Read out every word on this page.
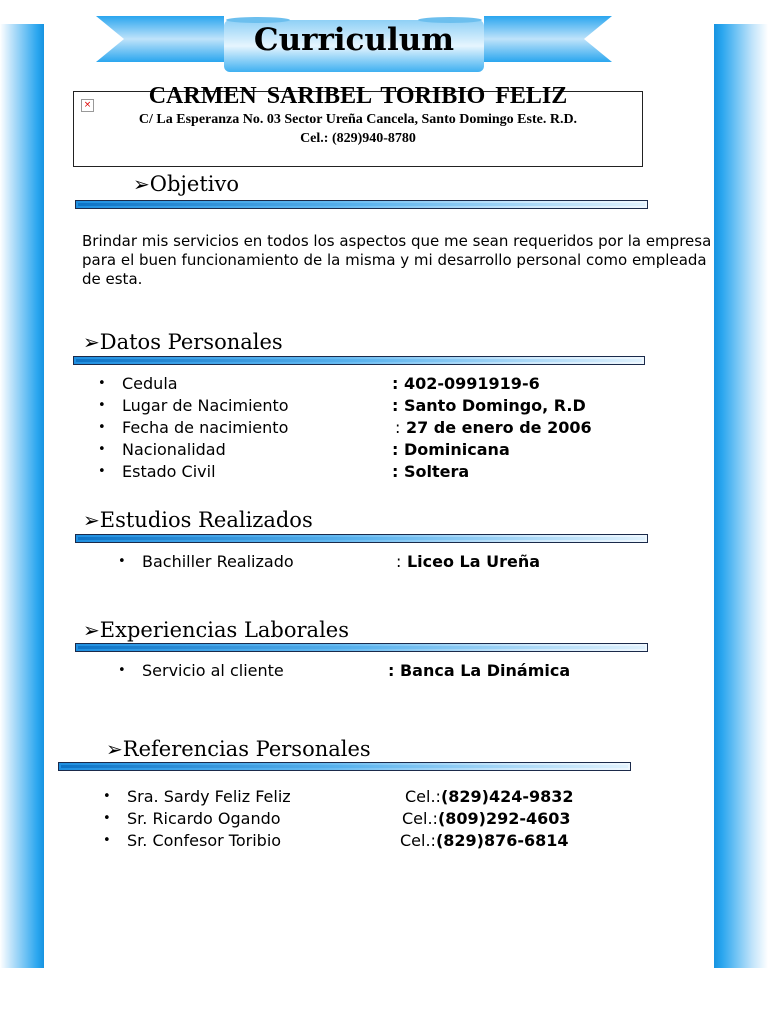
Curriculum
×	CARMEN SARIBEL TORIBIO FELIZ
C/ La Esperanza No. 03 Sector Ureña Cancela, Santo Domingo Este. R.D.
Cel.: (829)940-8780
➢Objetivo
Brindar mis servicios en todos los aspectos que me sean requeridos por la empresa para el buen funcionamiento de la misma y mi desarrollo personal como empleada de esta.
➢Datos Personales
• Cedula	: 402-0991919-6
• Lugar de Nacimiento	: Santo Domingo, R.D
• Fecha de nacimiento	: 27 de enero de 2006
• Nacionalidad	: Dominicana
• Estado Civil	: Soltera
➢Estudios Realizados
• Bachiller Realizado	: Liceo La Ureña
➢Experiencias Laborales
• Servicio al cliente	: Banca La Dinámica
➢Referencias Personales
• Sra. Sardy Feliz Feliz	Cel.:(829)424-9832
• Sr. Ricardo Ogando	Cel.:(809)292-4603
• Sr. Confesor Toribio	Cel.:(829)876-6814
